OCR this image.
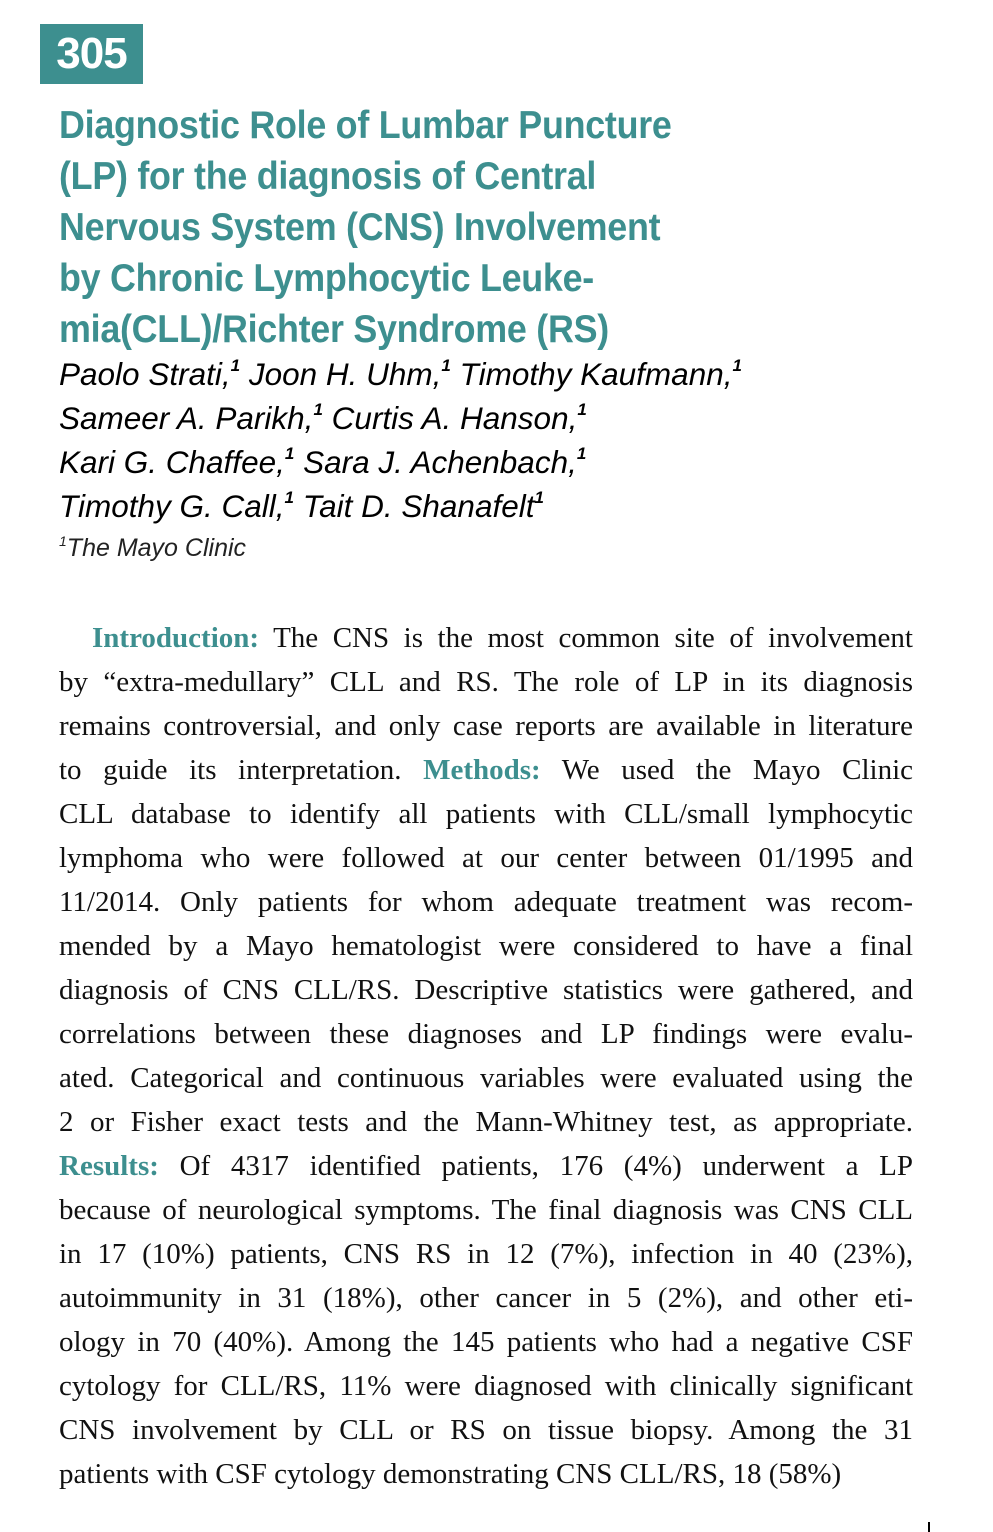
305
Diagnostic Role of Lumbar Puncture
(LP) for the diagnosis of Central
Nervous System (CNS) Involvement
by Chronic Lymphocytic Leuke-
mia(CLL)/Richter Syndrome (RS)
Paolo Strati,$^1$ Joon H. Uhm,$^1$ Timothy Kaufmann,$^1$
Sameer A. Parikh,$^1$ Curtis A. Hanson,$^1$
Kari G. Chaffee,$^1$ Sara J. Achenbach,$^1$
Timothy G. Call,$^1$ Tait D. Shanafelt$^1$
$^1$The Mayo Clinic
Introduction: The CNS is the most common site of involvement
by “extra-medullary” CLL and RS. The role of LP in its diagnosis
remains controversial, and only case reports are available in literature
to guide its interpretation. Methods: We used the Mayo Clinic
CLL database to identify all patients with CLL/small lymphocytic
lymphoma who were followed at our center between 01/1995 and
11/2014. Only patients for whom adequate treatment was recom-
mended by a Mayo hematologist were considered to have a final
diagnosis of CNS CLL/RS. Descriptive statistics were gathered, and
correlations between these diagnoses and LP findings were evalu-
ated. Categorical and continuous variables were evaluated using the
2 or Fisher exact tests and the Mann-Whitney test, as appropriate.
Results: Of 4317 identified patients, 176 (4%) underwent a LP
because of neurological symptoms. The final diagnosis was CNS CLL
in 17 (10%) patients, CNS RS in 12 (7%), infection in 40 (23%),
autoimmunity in 31 (18%), other cancer in 5 (2%), and other eti-
ology in 70 (40%). Among the 145 patients who had a negative CSF
cytology for CLL/RS, 11% were diagnosed with clinically significant
CNS involvement by CLL or RS on tissue biopsy. Among the 31
patients with CSF cytology demonstrating CNS CLL/RS, 18 (58%)
